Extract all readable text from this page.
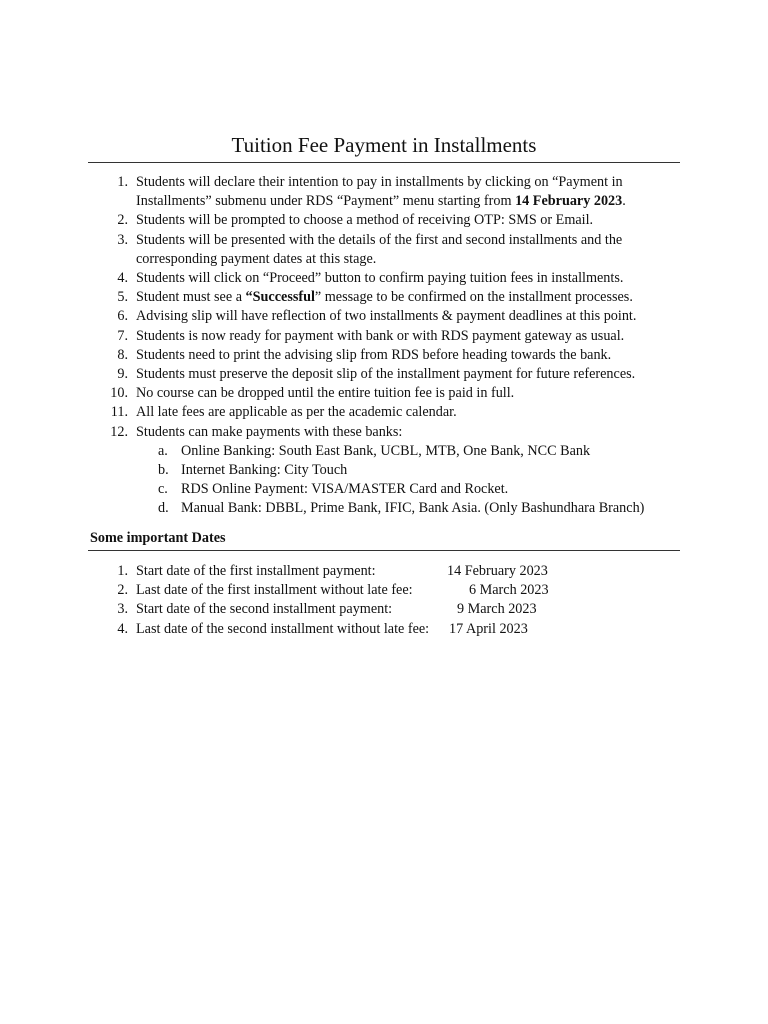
Tuition Fee Payment in Installments
1. Students will declare their intention to pay in installments by clicking on “Payment in Installments” submenu under RDS “Payment” menu starting from 14 February 2023.
2. Students will be prompted to choose a method of receiving OTP: SMS or Email.
3. Students will be presented with the details of the first and second installments and the corresponding payment dates at this stage.
4. Students will click on “Proceed” button to confirm paying tuition fees in installments.
5. Student must see a “Successful” message to be confirmed on the installment processes.
6. Advising slip will have reflection of two installments & payment deadlines at this point.
7. Students is now ready for payment with bank or with RDS payment gateway as usual.
8. Students need to print the advising slip from RDS before heading towards the bank.
9. Students must preserve the deposit slip of the installment payment for future references.
10. No course can be dropped until the entire tuition fee is paid in full.
11. All late fees are applicable as per the academic calendar.
12. Students can make payments with these banks:
a. Online Banking: South East Bank, UCBL, MTB, One Bank, NCC Bank
b. Internet Banking: City Touch
c. RDS Online Payment: VISA/MASTER Card and Rocket.
d. Manual Bank: DBBL, Prime Bank, IFIC, Bank Asia. (Only Bashundhara Branch)
Some important Dates
1. Start date of the first installment payment:	14 February 2023
2. Last date of the first installment without late fee:	6 March 2023
3. Start date of the second installment payment:	9 March 2023
4. Last date of the second installment without late fee: 17 April 2023
